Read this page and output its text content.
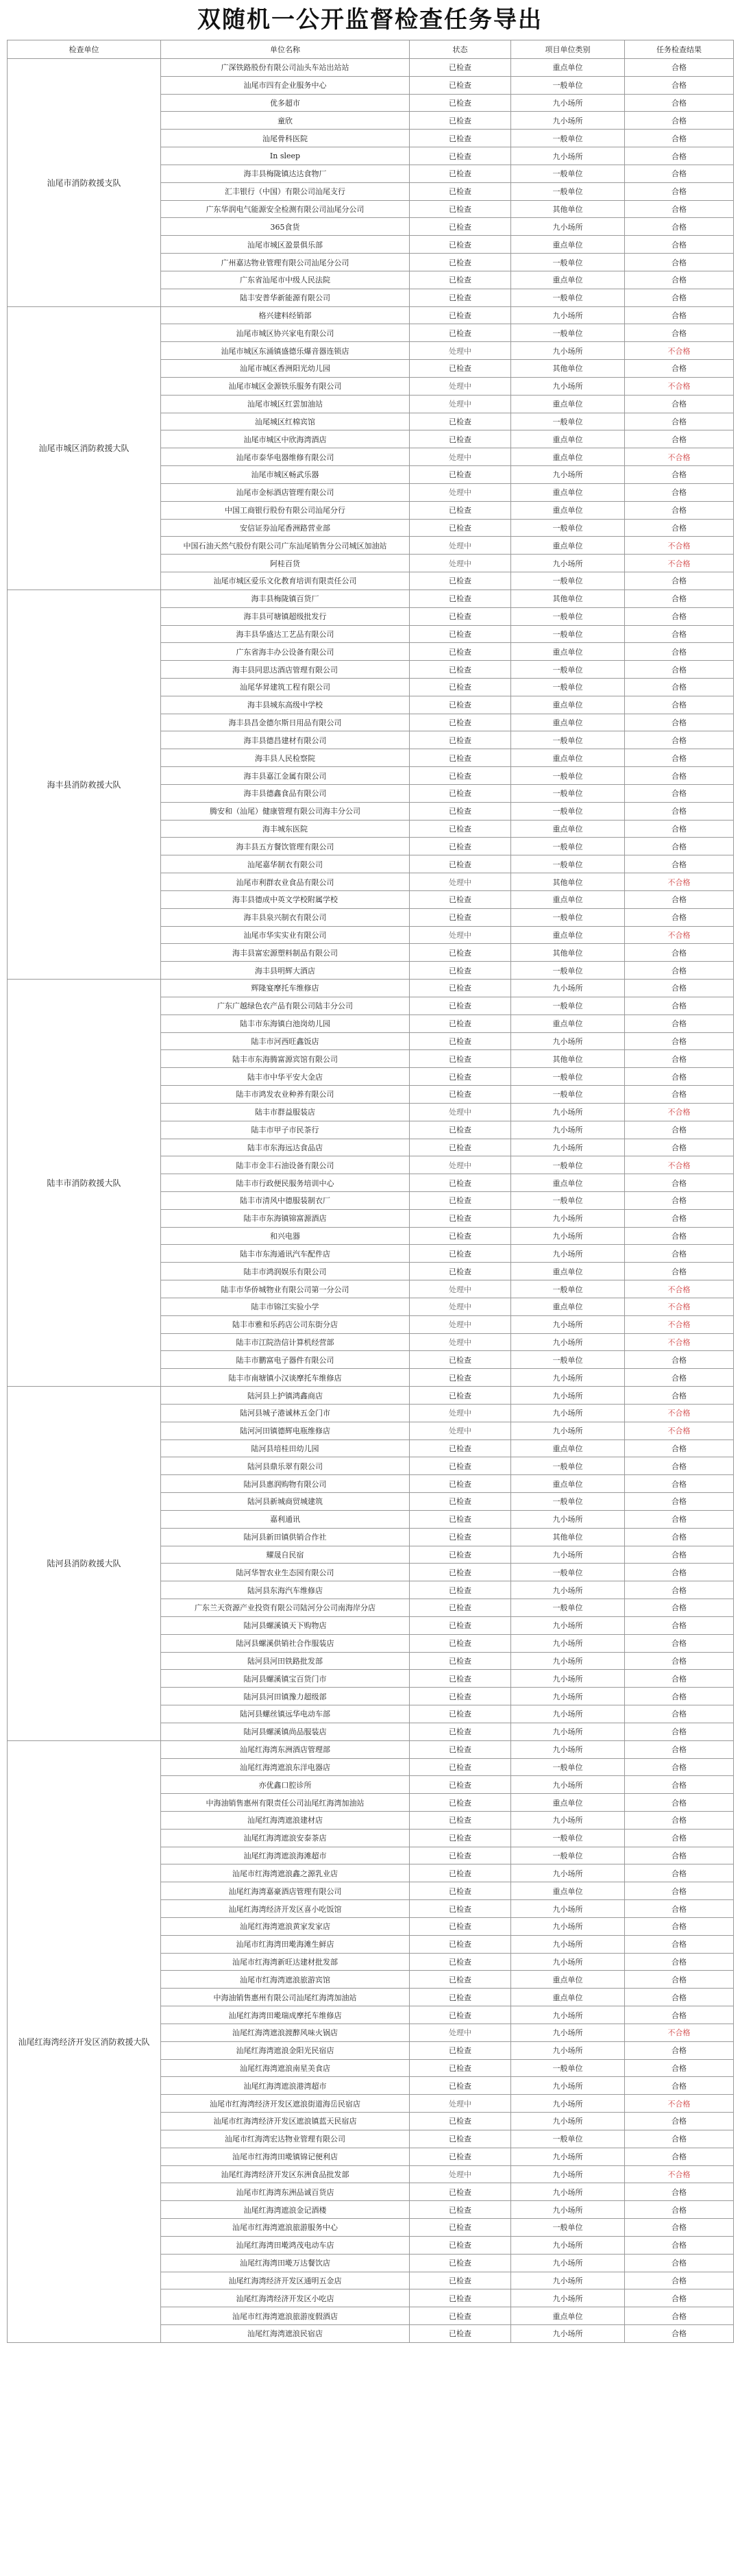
双随机一公开监督检查任务导出
检查单位	单位名称	状态	项目单位类别	任务检查结果
汕尾市消防救援支队	广深铁路股份有限公司汕头车站出站站	已检查	重点单位	合格
	汕尾市四有企业服务中心	已检查	一般单位	合格
	优多超市	已检查	九小场所	合格
	童欣	已检查	九小场所	合格
	汕尾骨科医院	已检查	一般单位	合格
	In sleep	已检查	九小场所	合格
	海丰县梅陇镇达达食物厂	已检查	一般单位	合格
	汇丰银行（中国）有限公司汕尾支行	已检查	一般单位	合格
	广东华润电气能源安全检测有限公司汕尾分公司	已检查	其他单位	合格
	365食货	已检查	九小场所	合格
	汕尾市城区盈景俱乐部	已检查	重点单位	合格
	广州嘉达物业管理有限公司汕尾分公司	已检查	一般单位	合格
	广东省汕尾市中级人民法院	已检查	重点单位	合格
	陆丰安普华新能源有限公司	已检查	一般单位	合格
汕尾市城区消防救援大队	格兴建料经销部	已检查	九小场所	合格
	汕尾市城区协兴家电有限公司	已检查	一般单位	合格
	汕尾市城区东涌镇盛德乐爆音器连锁店	处理中	九小场所	不合格
	汕尾市城区香洲阳光幼儿园	已检查	其他单位	合格
	汕尾市城区金源铁乐服务有限公司	处理中	九小场所	不合格
	汕尾市城区红雲加油站	处理中	重点单位	合格
	汕尾城区红棉宾馆	已检查	一般单位	合格
	汕尾市城区中欣海湾酒店	已检查	重点单位	合格
	汕尾市泰华电器维修有限公司	处理中	重点单位	不合格
	汕尾市城区畅武乐器	已检查	九小场所	合格
	汕尾市金标酒店管理有限公司	处理中	重点单位	合格
	中国工商银行股份有限公司汕尾分行	已检查	重点单位	合格
	安信证券汕尾香洲路营业部	已检查	一般单位	合格
	中国石油天然气股份有限公司广东汕尾销售分公司城区加油站	处理中	重点单位	不合格
	阿桂百货	处理中	九小场所	不合格
	汕尾市城区爱乐文化教育培训有限责任公司	已检查	一般单位	合格
海丰县消防救援大队	海丰县梅陇镇百货厂	已检查	其他单位	合格
	海丰县可塘镇超级批发行	已检查	一般单位	合格
	海丰县华盛达工艺品有限公司	已检查	一般单位	合格
	广东省海丰办公设备有限公司	已检查	重点单位	合格
	海丰县同思达酒店管理有限公司	已检查	一般单位	合格
	汕尾华昇建筑工程有限公司	已检查	一般单位	合格
	海丰县城东高级中学校	已检查	重点单位	合格
	海丰县昌金德尔斯日用品有限公司	已检查	重点单位	合格
	海丰县德昌建材有限公司	已检查	一般单位	合格
	海丰县人民检察院	已检查	重点单位	合格
	海丰县嘉江金属有限公司	已检查	一般单位	合格
	海丰县德鑫食品有限公司	已检查	一般单位	合格
	腾安和（汕尾）健康管理有限公司海丰分公司	已检查	一般单位	合格
	海丰城东医院	已检查	重点单位	合格
	海丰县五方餐饮管理有限公司	已检查	一般单位	合格
	汕尾嘉华制衣有限公司	已检查	一般单位	合格
	汕尾市利群农业食品有限公司	处理中	其他单位	不合格
	海丰县德成中英文学校附属学校	已检查	重点单位	合格
	海丰县泉兴制衣有限公司	已检查	一般单位	合格
	汕尾市华实实业有限公司	处理中	重点单位	不合格
	海丰县富宏源塑料制品有限公司	已检查	其他单位	合格
	海丰县明辉大酒店	已检查	一般单位	合格
陆丰市消防救援大队	辉隆宴摩托车维修店	已检查	九小场所	合格
	广东广越绿色农产品有限公司陆丰分公司	已检查	一般单位	合格
	陆丰市东海镇白池岗幼儿园	已检查	重点单位	合格
	陆丰市河西旺鑫饭店	已检查	九小场所	合格
	陆丰市东海腾富源宾馆有限公司	已检查	其他单位	合格
	陆丰市中华平安大金店	已检查	一般单位	合格
	陆丰市鸿发农业种养有限公司	已检查	一般单位	合格
	陆丰市群益服装店	处理中	九小场所	不合格
	陆丰市甲子市民茶行	已检查	九小场所	合格
	陆丰市东海远达食品店	已检查	九小场所	合格
	陆丰市金丰石油设备有限公司	处理中	一般单位	不合格
	陆丰市行政便民服务培训中心	已检查	重点单位	合格
	陆丰市清风中德服装制衣厂	已检查	一般单位	合格
	陆丰市东海镇锦富源酒店	已检查	九小场所	合格
	和兴电器	已检查	九小场所	合格
	陆丰市东海通讯汽车配件店	已检查	九小场所	合格
	陆丰市鸿润娱乐有限公司	已检查	重点单位	合格
	陆丰市华侨城物业有限公司第一分公司	处理中	一般单位	不合格
	陆丰市锦江实验小学	处理中	重点单位	不合格
	陆丰市雅和乐药店公司东街分店	处理中	九小场所	不合格
	陆丰市江院浩信计算机经营部	处理中	九小场所	不合格
	陆丰市鹏富电子器件有限公司	已检查	一般单位	合格
	陆丰市南塘镇小汉谈摩托车维修店	已检查	九小场所	合格
陆河县消防救援大队	陆河县上护镇鸿鑫商店	已检查	九小场所	合格
	陆河县城子港诚林五金门市	处理中	九小场所	不合格
	陆河河田镇德辉电瓶维修店	处理中	九小场所	不合格
	陆河县培桂田幼儿园	已检查	重点单位	合格
	陆河县鼎乐翠有限公司	已检查	一般单位	合格
	陆河县惠润购物有限公司	已检查	重点单位	合格
	陆河县新城商贸城建筑	已检查	一般单位	合格
	嘉利通讯	已检查	九小场所	合格
	陆河县新田镇供销合作社	已检查	其他单位	合格
	耀晟自民宿	已检查	九小场所	合格
	陆河华智农业生态园有限公司	已检查	一般单位	合格
	陆河县东海汽车维修店	已检查	九小场所	合格
	广东兰天资源产业投资有限公司陆河分公司南海岸分店	已检查	一般单位	合格
	陆河县螺溪镇天下购物店	已检查	九小场所	合格
	陆河县螺溪供销社合作服装店	已检查	九小场所	合格
	陆河县河田铁路批发部	已检查	九小场所	合格
	陆河县螺溪镇宝百货门市	已检查	九小场所	合格
	陆河县河田镇豫力超级部	已检查	九小场所	合格
	陆河县螺丝镇远华电动车部	已检查	九小场所	合格
	陆河县螺溪镇尚品服装店	已检查	九小场所	合格
汕尾红海湾经济开发区消防救援大队	汕尾红海湾东洲酒店管理部	已检查	九小场所	合格
	汕尾红海湾遮浪东洋电器店	已检查	一般单位	合格
	亦优鑫口腔诊所	已检查	九小场所	合格
	中海油销售惠州有限责任公司汕尾红海湾加油站	已检查	重点单位	合格
	汕尾红海湾遮浪建材店	已检查	九小场所	合格
	汕尾红海湾遮浪安泰茶店	已检查	一般单位	合格
	汕尾红海湾遮浪海滩超市	已检查	一般单位	合格
	汕尾市红海湾遮浪鑫之源乳业店	已检查	九小场所	合格
	汕尾红海湾嘉豪酒店管理有限公司	已检查	重点单位	合格
	汕尾红海湾经济开发区喜小吃饭馆	已检查	九小场所	合格
	汕尾红海湾遮浪黄家发家店	已检查	九小场所	合格
	汕尾市红海湾田墘海滩生鲜店	已检查	九小场所	合格
	汕尾市红海湾新旺达建材批发部	已检查	九小场所	合格
	汕尾市红海湾遮浪旅游宾馆	已检查	重点单位	合格
	中海油销售惠州有限公司汕尾红海湾加油站	已检查	重点单位	合格
	汕尾红海湾田墘瑞成摩托车维修店	已检查	九小场所	合格
	汕尾红海湾遮浪渡醉风味火锅店	处理中	九小场所	不合格
	汕尾红海湾遮浪金阳光民宿店	已检查	九小场所	合格
	汕尾红海湾遮浪南星美食店	已检查	一般单位	合格
	汕尾红海湾遮浪港湾超市	已检查	九小场所	合格
	汕尾市红海湾经济开发区遮浪街道海岳民宿店	处理中	九小场所	不合格
	汕尾市红海湾经济开发区遮浪镇蓝天民宿店	已检查	九小场所	合格
	汕尾市红海湾宏达物业管理有限公司	已检查	一般单位	合格
	汕尾市红海湾田墘镇锦记便利店	已检查	九小场所	合格
	汕尾红海湾经济开发区东洲食品批发部	处理中	九小场所	不合格
	汕尾市红海湾东洲品诚百货店	已检查	九小场所	合格
	汕尾红海湾遮浪金记酒楼	已检查	九小场所	合格
	汕尾市红海湾遮浪旅游服务中心	已检查	一般单位	合格
	汕尾红海湾田墘鸿茂电动车店	已检查	九小场所	合格
	汕尾红海湾田墘万达餐饮店	已检查	九小场所	合格
	汕尾红海湾经济开发区通明五金店	已检查	九小场所	合格
	汕尾红海湾经济开发区小吃店	已检查	九小场所	合格
	汕尾市红海湾遮浪旅游度假酒店	已检查	重点单位	合格
	汕尾红海湾遮浪民宿店	已检查	九小场所	合格
